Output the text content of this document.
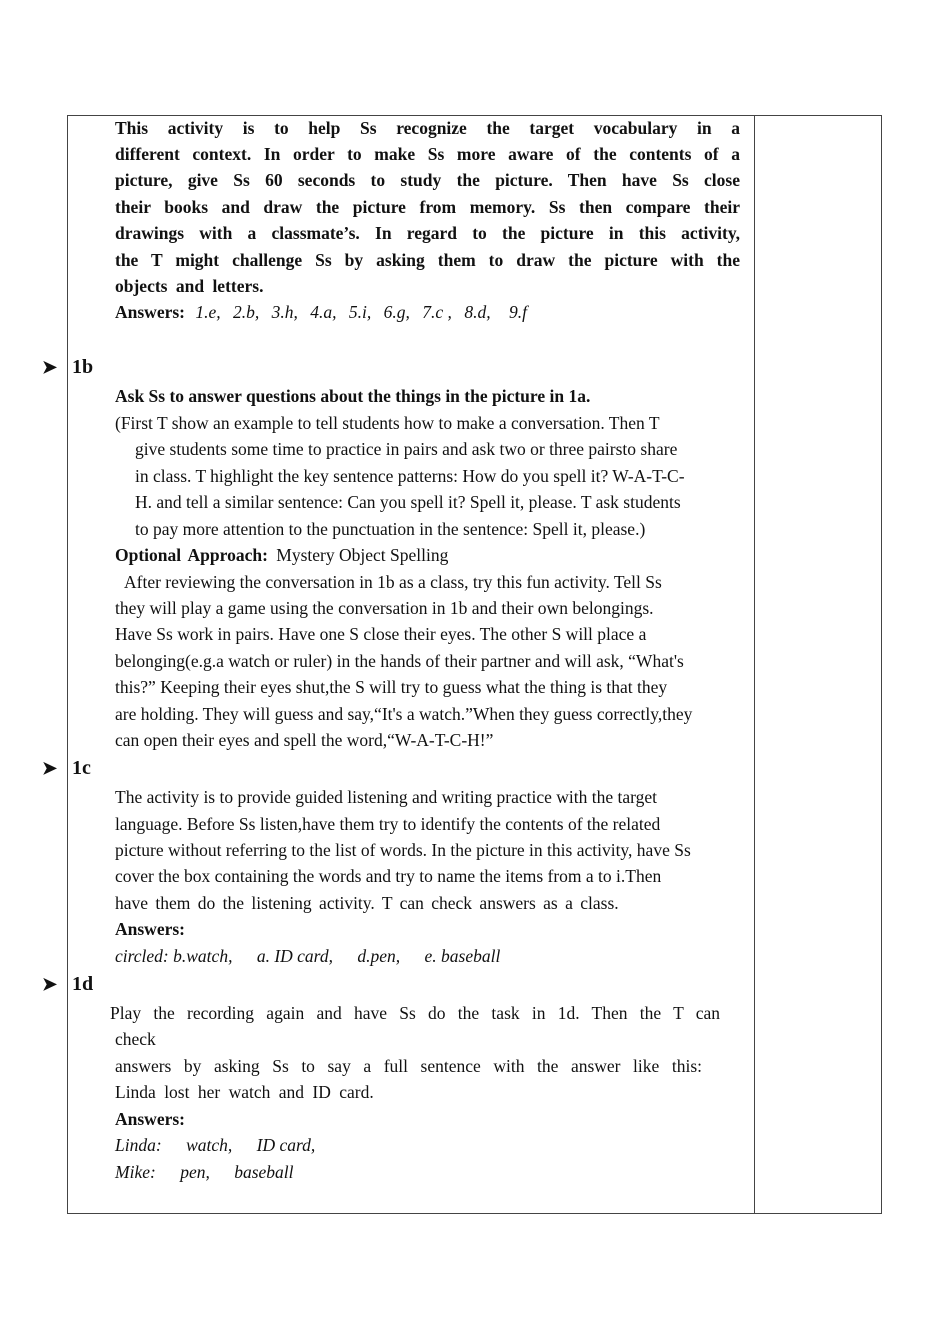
This activity is to help Ss recognize the target vocabulary in a
different context. In order to make Ss more aware of the contents of a
picture, give Ss 60 seconds to study the picture. Then have Ss close
their books and draw the picture from memory. Ss then compare their
drawings with a classmate’s. In regard to the picture in this activity,
the T might challenge Ss by asking them to draw the picture with the
objects and letters.
Answers: 1.e, 2.b, 3.h, 4.a, 5.i, 6.g, 7.c , 8.d, 9.f
➤ 1b
Ask Ss to answer questions about the things in the picture in 1a.
(First T show an example to tell students how to make a conversation. Then T
give students some time to practice in pairs and ask two or three pairsto share
in class. T highlight the key sentence patterns: How do you spell it? W-A-T-C-
H. and tell a similar sentence: Can you spell it? Spell it, please. T ask students
to pay more attention to the punctuation in the sentence: Spell it, please.)
Optional Approach: Mystery Object Spelling
After reviewing the conversation in 1b as a class, try this fun activity. Tell Ss
they will play a game using the conversation in 1b and their own belongings.
Have Ss work in pairs. Have one S close their eyes. The other S will place a
belonging(e.g.a watch or ruler) in the hands of their partner and will ask, “What's
this?” Keeping their eyes shut,the S will try to guess what the thing is that they
are holding. They will guess and say,“It's a watch.”When they guess correctly,they
can open their eyes and spell the word,“W-A-T-C-H!”
➤ 1c
The activity is to provide guided listening and writing practice with the target
language. Before Ss listen,have them try to identify the contents of the related
picture without referring to the list of words. In the picture in this activity, have Ss
cover the box containing the words and try to name the items from a to i.Then
have them do the listening activity. T can check answers as a class.
Answers:
circled: b.watch, a. ID card, d.pen, e. baseball
➤ 1d
Play the recording again and have Ss do the task in 1d. Then the T can
check
answers by asking Ss to say a full sentence with the answer like this:
Linda lost her watch and ID card.
Answers:
Linda: watch, ID card,
Mike: pen, baseball
